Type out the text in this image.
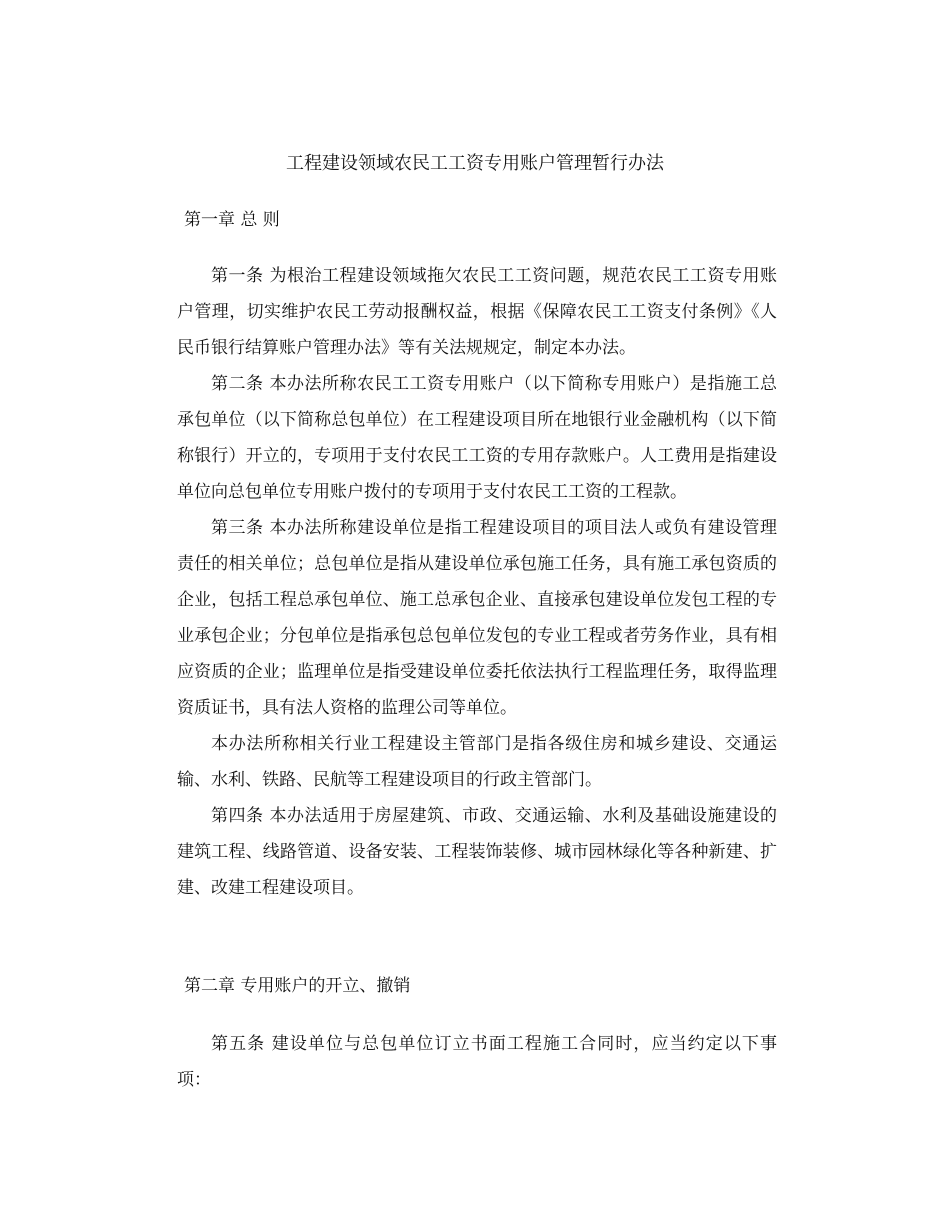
工程建设领域农民工工资专用账户管理暂行办法
第一章 总 则

第一条 为根治工程建设领域拖欠农民工工资问题，规范农民工工资专用账户管理，切实维护农民工劳动报酬权益，根据《保障农民工工资支付条例》《人民币银行结算账户管理办法》等有关法规规定，制定本办法。

第二条 本办法所称农民工工资专用账户（以下简称专用账户）是指施工总承包单位（以下简称总包单位）在工程建设项目所在地银行业金融机构（以下简称银行）开立的，专项用于支付农民工工资的专用存款账户。人工费用是指建设单位向总包单位专用账户拨付的专项用于支付农民工工资的工程款。

第三条 本办法所称建设单位是指工程建设项目的项目法人或负有建设管理责任的相关单位；总包单位是指从建设单位承包施工任务，具有施工承包资质的企业，包括工程总承包单位、施工总承包企业、直接承包建设单位发包工程的专业承包企业；分包单位是指承包总包单位发包的专业工程或者劳务作业，具有相应资质的企业；监理单位是指受建设单位委托依法执行工程监理任务，取得监理资质证书，具有法人资格的监理公司等单位。

本办法所称相关行业工程建设主管部门是指各级住房和城乡建设、交通运输、水利、铁路、民航等工程建设项目的行政主管部门。

第四条 本办法适用于房屋建筑、市政、交通运输、水利及基础设施建设的建筑工程、线路管道、设备安装、工程装饰装修、城市园林绿化等各种新建、扩建、改建工程建设项目。

第二章 专用账户的开立、撤销

第五条 建设单位与总包单位订立书面工程施工合同时，应当约定以下事项：
